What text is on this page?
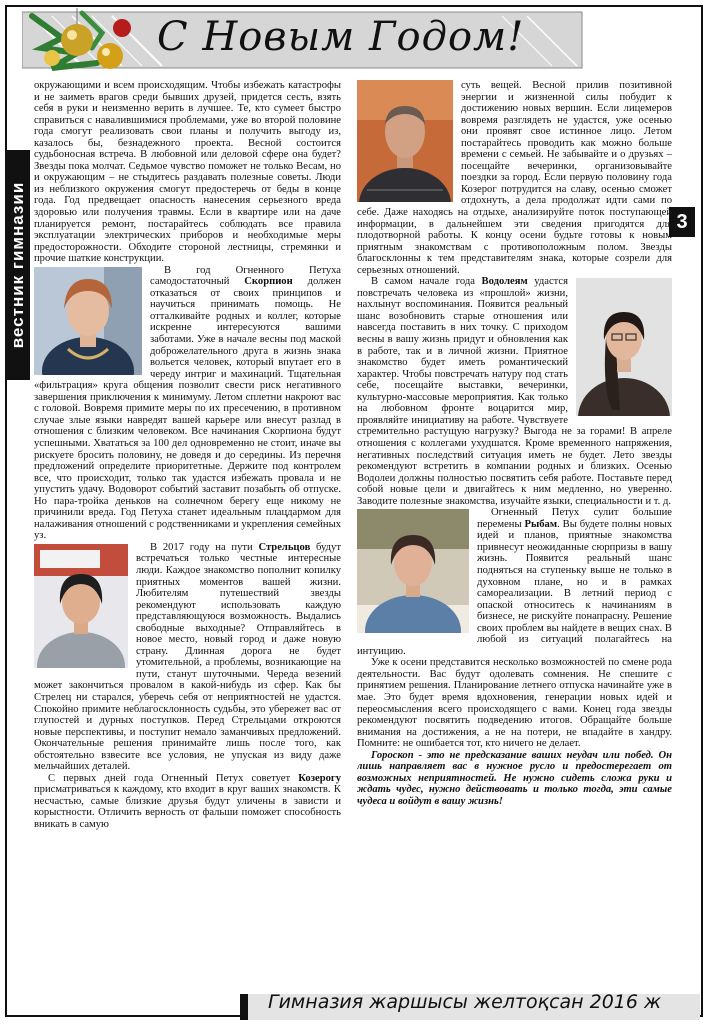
С Новым Годом!
вестник гимназии	3

окружающими и всем происходящим. Чтобы избежать катастрофы и не заиметь врагов среди бывших друзей, придется сесть, взять себя в руки и неизменно верить в лучшее. Те, кто сумеет быстро справиться с навалившимися проблемами, уже во второй половине года смогут реализовать свои планы и получить выгоду из, казалось бы, безнадежного проекта. Весной состоится судьбоносная встреча. В любовной или деловой сфере она будет? Звезды пока молчат. Седьмое чувство поможет не только Весам, но и окружающим – не стыдитесь раздавать полезные советы. Люди из неблизкого окружения смогут предостеречь от беды в конце года. Год предвещает опасность нанесения серьезного вреда здоровью или получения травмы. Если в квартире или на даче планируется ремонт, постарайтесь соблюдать все правила эксплуатации электрических приборов и необходимые меры предосторожности. Обходите стороной лестницы, стремянки и прочие шаткие конструкции.

В год Огненного Петуха самодостаточный Скорпион должен отказаться от своих принципов и научиться принимать помощь. Не отталкивайте родных и коллег, которые искренне интересуются вашими заботами. Уже в начале весны под маской доброжелательного друга в жизнь знака вольется человек, который впутает его в череду интриг и махинаций. Тщательная «фильтрация» круга общения позволит свести риск негативного завершения приключения к минимуму. Летом сплетни накроют вас с головой. Вовремя примите меры по их пресечению, в противном случае злые языки навредят вашей карьере или внесут разлад в отношения с близким человеком. Все начинания Скорпиона будут успешными. Хвататься за 100 дел одновременно не стоит, иначе вы рискуете бросить половину, не доведя и до середины. Из перечня предложений определите приоритетные. Держите под контролем все, что происходит, только так удастся избежать провала и не упустить удачу. Водоворот событий заставит позабыть об отпуске. Но пара-тройка деньков на солнечном берегу еще никому не причинили вреда. Год Петуха станет идеальным плацдармом для налаживания отношений с родственниками и укрепления семейных уз.

В 2017 году на пути Стрельцов будут встречаться только честные интересные люди. Каждое знакомство пополнит копилку приятных моментов вашей жизни. Любителям путешествий звезды рекомендуют использовать каждую представляющуюся возможность. Выдались свободные выходные? Отправляйтесь в новое место, новый город и даже новую страну. Длинная дорога не будет утомительной, а проблемы, возникающие на пути, станут шуточными. Череда везений может закончиться провалом в какой-нибудь из сфер. Как бы Стрелец ни старался, уберечь себя от неприятностей не удастся. Спокойно примите неблагосклонность судьбы, это убережет вас от глупостей и дурных поступков. Перед Стрельцами откроются новые перспективы, и поступит немало заманчивых предложений. Окончательные решения принимайте лишь после того, как обстоятельно взвесите все условия, не упуская из виду даже мельчайших деталей.

С первых дней года Огненный Петух советует Козерогу присматриваться к каждому, кто входит в круг ваших знакомств. К несчастью, самые близкие друзья будут уличены в зависти и корыстности. Отличить верность от фальши поможет способность вникать в самую

суть вещей. Весной прилив позитивной энергии и жизненной силы побудит к достижению новых вершин. Если лицемеров вовремя разглядеть не удастся, уже осенью они проявят свое истинное лицо. Летом постарайтесь проводить как можно больше времени с семьей. Не забывайте и о друзьях – посещайте вечеринки, организовывайте поездки за город. Если первую половину года Козерог потрудится на славу, осенью сможет отдохнуть, а дела продолжат идти сами по себе. Даже находясь на отдыхе, анализируйте поток поступающей информации, в дальнейшем эти сведения пригодятся для плодотворной работы. К концу осени будьте готовы к новым приятным знакомствам с противоположным полом. Звезды благосклонны к тем представителям знака, которые созрели для серьезных отношений.

В самом начале года Водолеям удастся повстречать человека из «прошлой» жизни, нахлынут воспоминания. Появится реальный шанс возобновить старые отношения или навсегда поставить в них точку. С приходом весны в вашу жизнь придут и обновления как в работе, так и в личной жизни. Приятное знакомство будет иметь романтический характер. Чтобы повстречать натуру под стать себе, посещайте выставки, вечеринки, культурно-массовые мероприятия. Как только на любовном фронте воцарится мир, проявляйте инициативу на работе. Чувствуете стремительно растущую нагрузку? Выгода не за горами! В апреле отношения с коллегами ухудшатся. Кроме временного напряжения, негативных последствий ситуация иметь не будет. Лето звезды рекомендуют встретить в компании родных и близких. Осенью Водолеи должны полностью посвятить себя работе. Поставьте перед собой новые цели и двигайтесь к ним медленно, но уверенно. Заводите полезные знакомства, изучайте языки, специальности и т. д.

Огненный Петух сулит большие перемены Рыбам. Вы будете полны новых идей и планов, приятные знакомства привнесут неожиданные сюрпризы в вашу жизнь. Появится реальный шанс подняться на ступеньку выше не только в духовном плане, но и в рамках самореализации. В летний период с опаской относитесь к начинаниям в бизнесе, не рискуйте понапрасну. Решение своих проблем вы найдете в вещих снах. В любой из ситуаций полагайтесь на интуицию.

Уже к осени представится несколько возможностей по смене рода деятельности. Вас будут одолевать сомнения. Не спешите с принятием решения. Планирование летнего отпуска начинайте уже в мае. Это будет время вдохновения, генерации новых идей и переосмысления всего происходящего с вами. Конец года звезды рекомендуют посвятить подведению итогов. Обращайте больше внимания на достижения, а не на потери, не впадайте в хандру. Помните: не ошибается тот, кто ничего не делает.

Гороскоп - это не предсказание ваших неудач или побед. Он лишь направляет вас в нужное русло и предостерегает от возможных неприятностей. Не нужно сидеть сложа руки и ждать чудес, нужно действовать и только тогда, эти самые чудеса и войдут в вашу жизнь!

Гимназия жаршысы желтоқсан 2016 ж
